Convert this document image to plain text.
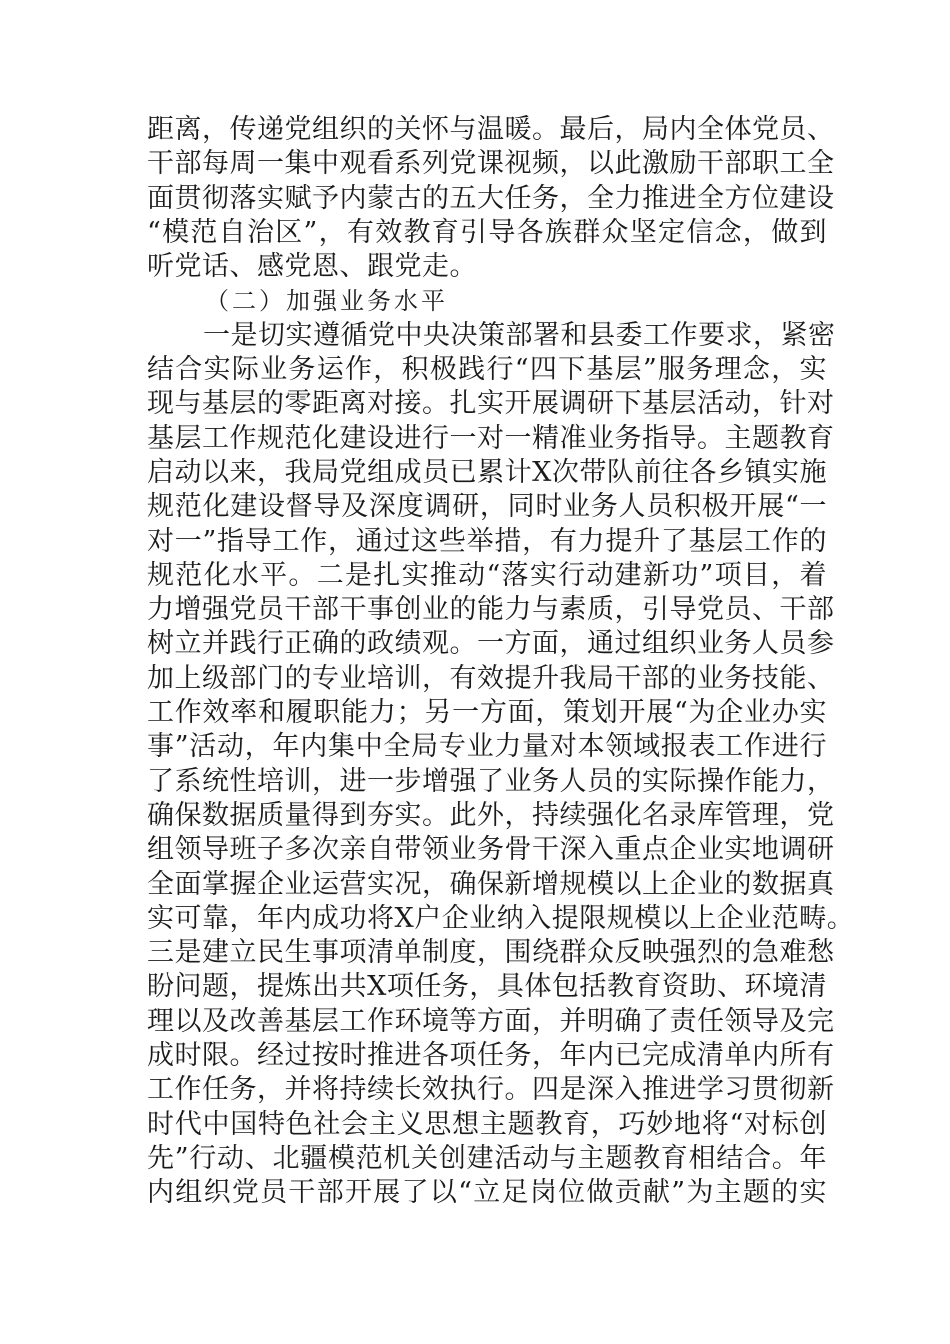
距离，传递党组织的关怀与温暖。最后，局内全体党员、
干部每周一集中观看系列党课视频，以此激励干部职工全
面贯彻落实赋予内蒙古的五大任务，全力推进全方位建设
“模范自治区”，有效教育引导各族群众坚定信念，做到
听党话、感党恩、跟党走。
（二）加强业务水平
一是切实遵循党中央决策部署和县委工作要求，紧密
结合实际业务运作，积极践行“四下基层”服务理念，实
现与基层的零距离对接。扎实开展调研下基层活动，针对
基层工作规范化建设进行一对一精准业务指导。主题教育
启动以来，我局党组成员已累计X次带队前往各乡镇实施
规范化建设督导及深度调研，同时业务人员积极开展“一
对一”指导工作，通过这些举措，有力提升了基层工作的
规范化水平。二是扎实推动“落实行动建新功”项目，着
力增强党员干部干事创业的能力与素质，引导党员、干部
树立并践行正确的政绩观。一方面，通过组织业务人员参
加上级部门的专业培训，有效提升我局干部的业务技能、
工作效率和履职能力；另一方面，策划开展“为企业办实
事”活动，年内集中全局专业力量对本领域报表工作进行
了系统性培训，进一步增强了业务人员的实际操作能力，
确保数据质量得到夯实。此外，持续强化名录库管理，党
组领导班子多次亲自带领业务骨干深入重点企业实地调研
全面掌握企业运营实况，确保新增规模以上企业的数据真
实可靠，年内成功将X户企业纳入提限规模以上企业范畴。
三是建立民生事项清单制度，围绕群众反映强烈的急难愁
盼问题，提炼出共X项任务，具体包括教育资助、环境清
理以及改善基层工作环境等方面，并明确了责任领导及完
成时限。经过按时推进各项任务，年内已完成清单内所有
工作任务，并将持续长效执行。四是深入推进学习贯彻新
时代中国特色社会主义思想主题教育，巧妙地将“对标创
先”行动、北疆模范机关创建活动与主题教育相结合。年
内组织党员干部开展了以“立足岗位做贡献”为主题的实
